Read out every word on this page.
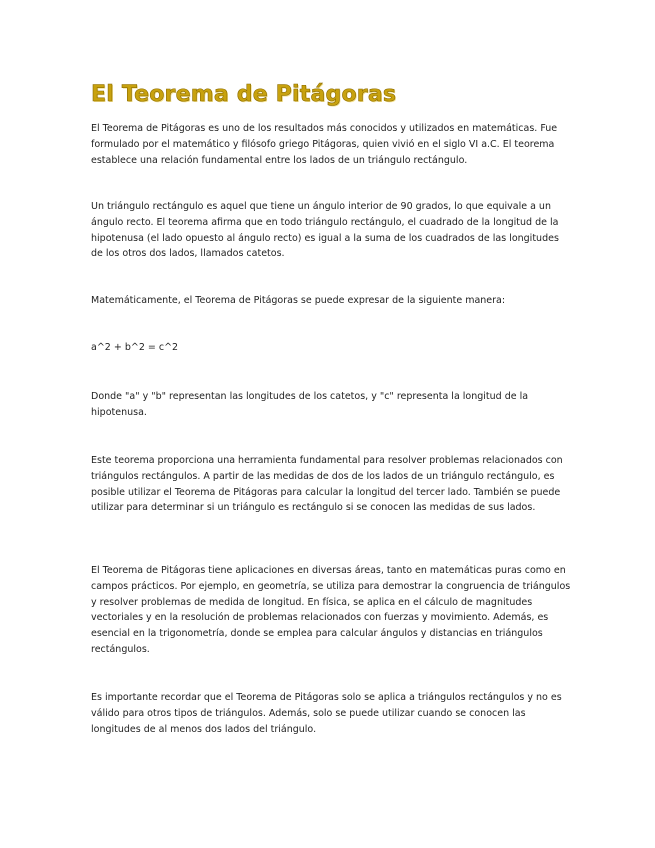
El Teorema de Pitágoras

El Teorema de Pitágoras es uno de los resultados más conocidos y utilizados en matemáticas. Fue formulado por el matemático y filósofo griego Pitágoras, quien vivió en el siglo VI a.C. El teorema establece una relación fundamental entre los lados de un triángulo rectángulo.

Un triángulo rectángulo es aquel que tiene un ángulo interior de 90 grados, lo que equivale a un ángulo recto. El teorema afirma que en todo triángulo rectángulo, el cuadrado de la longitud de la hipotenusa (el lado opuesto al ángulo recto) es igual a la suma de los cuadrados de las longitudes de los otros dos lados, llamados catetos.

Matemáticamente, el Teorema de Pitágoras se puede expresar de la siguiente manera:

a^2 + b^2 = c^2

Donde "a" y "b" representan las longitudes de los catetos, y "c" representa la longitud de la hipotenusa.

Este teorema proporciona una herramienta fundamental para resolver problemas relacionados con triángulos rectángulos. A partir de las medidas de dos de los lados de un triángulo rectángulo, es posible utilizar el Teorema de Pitágoras para calcular la longitud del tercer lado. También se puede utilizar para determinar si un triángulo es rectángulo si se conocen las medidas de sus lados.

El Teorema de Pitágoras tiene aplicaciones en diversas áreas, tanto en matemáticas puras como en campos prácticos. Por ejemplo, en geometría, se utiliza para demostrar la congruencia de triángulos y resolver problemas de medida de longitud. En física, se aplica en el cálculo de magnitudes vectoriales y en la resolución de problemas relacionados con fuerzas y movimiento. Además, es esencial en la trigonometría, donde se emplea para calcular ángulos y distancias en triángulos rectángulos.

Es importante recordar que el Teorema de Pitágoras solo se aplica a triángulos rectángulos y no es válido para otros tipos de triángulos. Además, solo se puede utilizar cuando se conocen las longitudes de al menos dos lados del triángulo.
